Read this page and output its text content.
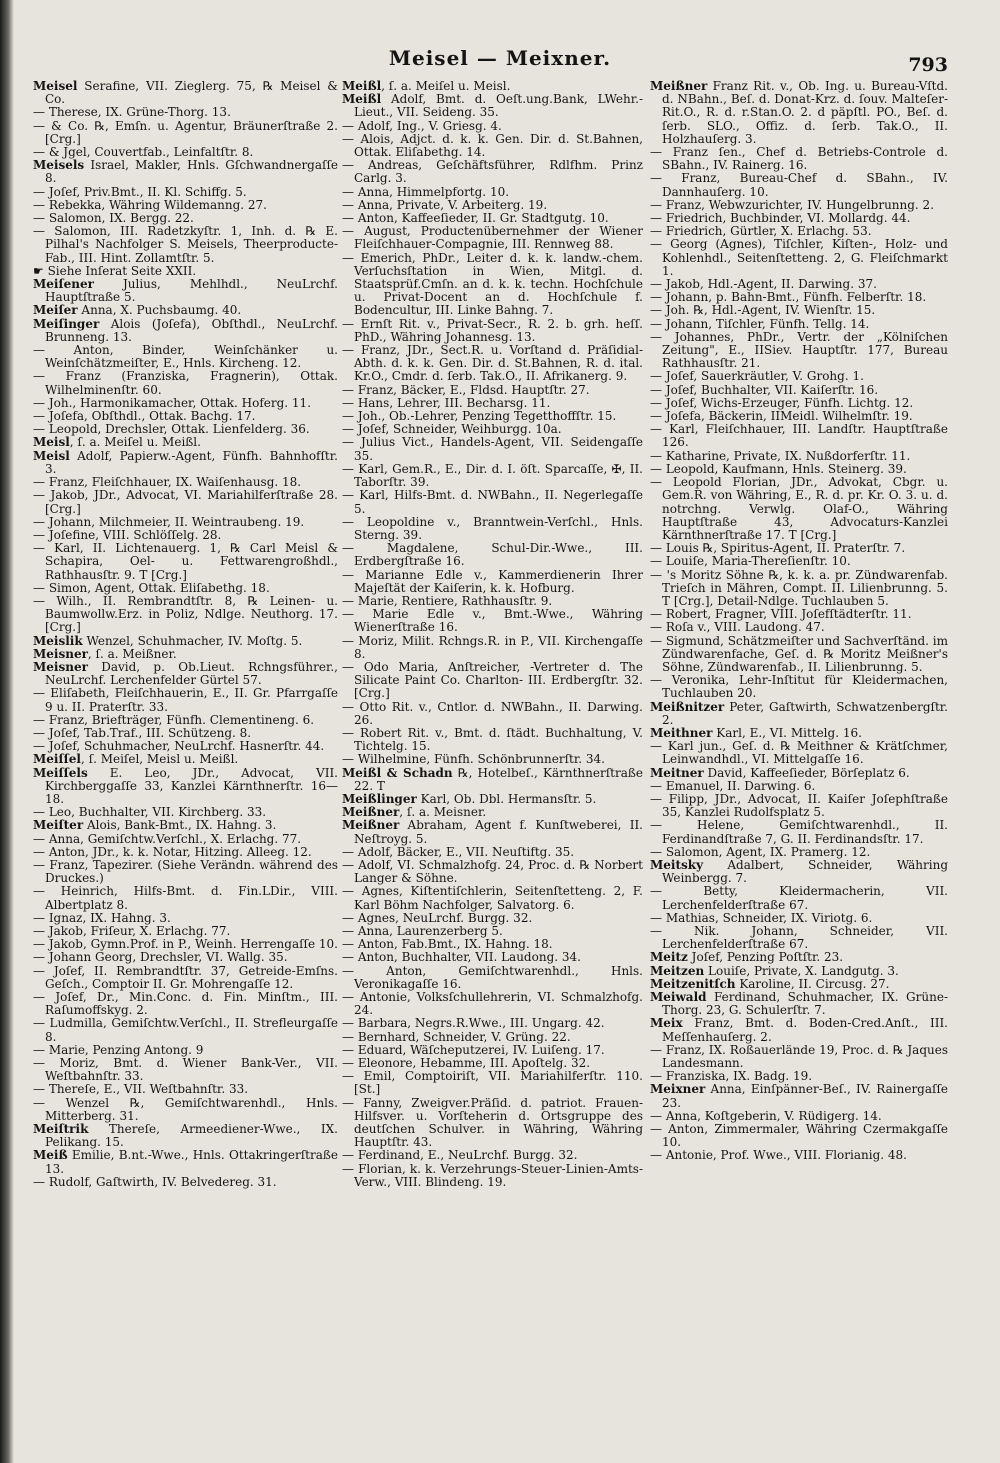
Meisel — Meixner.	793

Meisel Serafine, VII. Zieglerg. 75, ℞ Meisel & Co.

— Therese, IX. Grüne-Thorg. 13.

— & Co. ℞, Emſn. u. Agentur, Bräunerſtraße 2. [Crg.]

— & Jgel, Couvertfab., Leinfaltſtr. 8.

Meisels Israel, Makler, Hnls. Gſchwandnergaſſe 8.

— Joſef, Priv.Bmt., II. Kl. Schiffg. 5.

— Rebekka, Währing Wildemanng. 27.

— Salomon, IX. Bergg. 22.

— Salomon, III. Radetzkyſtr. 1, Inh. d. ℞ E. Pilhal's Nachfolger S. Meisels, Theerproducte-Fab., III. Hint. Zollamtſtr. 5.

☛ Siehe Inſerat Seite XXII.

Meiſener Julius, Mehlhdl., NeuLrchf. Hauptſtraße 5.

Meiſer Anna, X. Puchsbaumg. 40.

Meiſinger Alois (Joſefa), Obſthdl., NeuLrchf. Brunneng. 13.

— Anton, Binder, Weinſchänker u. Weinſchätzmeiſter, E., Hnls. Kircheng. 12.

— Franz (Franziska, Fragnerin), Ottak. Wilhelminenſtr. 60.

— Joh., Harmonikamacher, Ottak. Hoferg. 11.

— Joſefa, Obſthdl., Ottak. Bachg. 17.

— Leopold, Drechsler, Ottak. Lienfelderg. 36.

Meisl, ſ. a. Meiſel u. Meißl.

Meisl Adolf, Papierw.-Agent, Fünfh. Bahnhofſtr. 3.

— Franz, Fleiſchhauer, IX. Waiſenhausg. 18.

— Jakob, JDr., Advocat, VI. Mariahilferſtraße 28. [Crg.]

— Johann, Milchmeier, II. Weintraubeng. 19.

— Joſefine, VIII. Schlöſſelg. 28.

— Karl, II. Lichtenauerg. 1, ℞ Carl Meisl & Schapira, Oel- u. Fettwarengroßhdl., Rathhausſtr. 9. T [Crg.]

— Simon, Agent, Ottak. Eliſabethg. 18.

— Wilh., II. Rembrandtſtr. 8, ℞ Leinen- u. Baumwollw.Erz. in Poliz, Ndlge. Neuthorg. 17. [Crg.]

Meislik Wenzel, Schuhmacher, IV. Moſtg. 5.

Meisner, ſ. a. Meißner.

Meisner David, p. Ob.Lieut. Rchngsführer., NeuLrchf. Lerchenfelder Gürtel 57.

— Eliſabeth, Fleiſchhauerin, E., II. Gr. Pfarrgaſſe 9 u. II. Praterſtr. 33.

— Franz, Briefträger, Fünfh. Clementineng. 6.

— Joſef, Tab.Traf., III. Schützeng. 8.

— Joſef, Schuhmacher, NeuLrchf. Hasnerſtr. 44.

Meiſſel, ſ. Meiſel, Meisl u. Meißl.

Meiſſels E. Leo, JDr., Advocat, VII. Kirchberggaſſe 33, Kanzlei Kärnthnerſtr. 16—18.

— Leo, Buchhalter, VII. Kirchberg. 33.

Meiſter Alois, Bank-Bmt., IX. Hahng. 3.

— Anna, Gemiſchtw.Verſchl., X. Erlachg. 77.

— Anton, JDr., k. k. Notar, Hitzing. Alleeg. 12.

— Franz, Tapezirer. (Siehe Verändn. während des Druckes.)

— Heinrich, Hilfs-Bmt. d. Fin.LDir., VIII. Albertplatz 8.

— Ignaz, IX. Hahng. 3.

— Jakob, Friſeur, X. Erlachg. 77.

— Jakob, Gymn.Prof. in P., Weinh. Herrengaſſe 10.

— Johann Georg, Drechsler, VI. Wallg. 35.

— Joſef, II. Rembrandtſtr. 37, Getreide-Emſns. Geſch., Comptoir II. Gr. Mohrengaſſe 12.

— Joſef, Dr., Min.Conc. d. Fin. Minſtm., III. Raſumoffskyg. 2.

— Ludmilla, Gemiſchtw.Verſchl., II. Strefleurgaſſe 8.

— Marie, Penzing Antong. 9

— Moriz, Bmt. d. Wiener Bank-Ver., VII. Weſtbahnſtr. 33.

— Thereſe, E., VII. Weſtbahnſtr. 33.

— Wenzel ℞, Gemiſchtwarenhdl., Hnls. Mitterberg. 31.

Meiſtrik Thereſe, Armeediener-Wwe., IX. Pelikang. 15.

Meiß Emilie, B.nt.-Wwe., Hnls. Ottakringerſtraße 13.

— Rudolf, Gaſtwirth, IV. Belvedereg. 31.

Meißl, ſ. a. Meiſel u. Meisl.

Meißl Adolf, Bmt. d. Oeſt.ung.Bank, LWehr.-Lieut., VII. Seideng. 35.

— Adolf, Ing., V. Griesg. 4.

— Alois, Adjct. d. k. k. Gen. Dir. d. St.Bahnen, Ottak. Eliſabethg. 14.

— Andreas, Geſchäftsführer, Rdlfhm. Prinz Carlg. 3.

— Anna, Himmelpfortg. 10.

— Anna, Private, V. Arbeiterg. 19.

— Anton, Kaffeeſieder, II. Gr. Stadtgutg. 10.

— August, Productenübernehmer der Wiener Fleiſchhauer-Compagnie, III. Rennweg 88.

— Emerich, PhDr., Leiter d. k. k. landw.-chem. Verſuchsſtation in Wien, Mitgl. d. Staatsprüf.Cmſn. an d. k. k. techn. Hochſchule u. Privat-Docent an d. Hochſchule f. Bodencultur, III. Linke Bahng. 7.

— Ernſt Rit. v., Privat-Secr., R. 2. b. grh. heſſ. PhD., Währing Johannesg. 13.

— Franz, JDr., Sect.R. u. Vorſtand d. Präſidial-Abth. d. k. k. Gen. Dir. d. St.Bahnen, R. d. ital. Kr.O., Cmdr. d. ſerb. Tak.O., II. Afrikanerg. 9.

— Franz, Bäcker, E., Fldsd. Hauptſtr. 27.

— Hans, Lehrer, III. Becharsg. 11.

— Joh., Ob.-Lehrer, Penzing Tegetthoffſtr. 15.

— Joſef, Schneider, Weihburgg. 10a.

— Julius Vict., Handels-Agent, VII. Seidengaſſe 35.

— Karl, Gem.R., E., Dir. d. I. öſt. Sparcaſſe, ✠, II. Taborſtr. 39.

— Karl, Hilfs-Bmt. d. NWBahn., II. Negerlegaſſe 5.

— Leopoldine v., Branntwein-Verſchl., Hnls. Sterng. 39.

— Magdalene, Schul-Dir.-Wwe., III. Erdbergſtraße 16.

— Marianne Edle v., Kammerdienerin Ihrer Majeſtät der Kaiſerin, k. k. Hofburg.

— Marie, Rentiere, Rathhausſtr. 9.

— Marie Edle v., Bmt.-Wwe., Währing Wienerſtraße 16.

— Moriz, Milit. Rchngs.R. in P., VII. Kirchengaſſe 8.

— Odo Maria, Anſtreicher, -Vertreter d. The Silicate Paint Co. Charlton- III. Erdbergſtr. 32. [Crg.]

— Otto Rit. v., Cntlor. d. NWBahn., II. Darwing. 26.

— Robert Rit. v., Bmt. d. ſtädt. Buchhaltung, V. Tichtelg. 15.

— Wilhelmine, Fünfh. Schönbrunnerſtr. 34.

Meißl & Schadn ℞, Hotelbeſ., Kärnthnerſtraße 22. T

Meißlinger Karl, Ob. Dbl. Hermansſtr. 5.

Meißner, ſ. a. Meisner.

Meißner Abraham, Agent f. Kunſtweberei, II. Neſtroyg. 5.

— Adolf, Bäcker, E., VII. Neuſtiftg. 35.

— Adolf, VI. Schmalzhofg. 24, Proc. d. ℞ Norbert Langer & Söhne.

— Agnes, Kiſtentiſchlerin, Seitenſtetteng. 2, F. Karl Böhm Nachfolger, Salvatorg. 6.

— Agnes, NeuLrchf. Burgg. 32.

— Anna, Laurenzerberg 5.

— Anton, Fab.Bmt., IX. Hahng. 18.

— Anton, Buchhalter, VII. Laudong. 34.

— Anton, Gemiſchtwarenhdl., Hnls. Veronikagaſſe 16.

— Antonie, Volksſchullehrerin, VI. Schmalzhofg. 24.

— Barbara, Negrs.R.Wwe., III. Ungarg. 42.

— Bernhard, Schneider, V. Grüng. 22.

— Eduard, Wäſcheputzerei, IV. Luiſeng. 17.

— Eleonore, Hebamme, III. Apoſtelg. 32.

— Emil, Comptoiriſt, VII. Mariahilferſtr. 110. [St.]

— Fanny, Zweigver.Präſid. d. patriot. Frauen-Hilfsver. u. Vorſteherin d. Ortsgruppe des deutſchen Schulver. in Währing, Währing Hauptſtr. 43.

— Ferdinand, E., NeuLrchf. Burgg. 32.

— Florian, k. k. Verzehrungs-Steuer-Linien-Amts-Verw., VIII. Blindeng. 19.

Meißner Franz Rit. v., Ob. Ing. u. Bureau-Vſtd. d. NBahn., Beſ. d. Donat-Krz. d. ſouv. Malteſer-Rit.O., R. d. r.Stan.O. 2. d päpſtl. PO., Beſ. d. ſerb. SLO., Offiz. d. ſerb. Tak.O., II. Holzhauſerg. 3.

— Franz ſen., Chef d. Betriebs-Controle d. SBahn., IV. Rainerg. 16.

— Franz, Bureau-Chef d. SBahn., IV. Dannhauſerg. 10.

— Franz, Webwzurichter, IV. Hungelbrunng. 2.

— Friedrich, Buchbinder, VI. Mollardg. 44.

— Friedrich, Gürtler, X. Erlachg. 53.

— Georg (Agnes), Tiſchler, Kiſten-, Holz- und Kohlenhdl., Seitenſtetteng. 2, G. Fleiſchmarkt 1.

— Jakob, Hdl.-Agent, II. Darwing. 37.

— Johann, p. Bahn-Bmt., Fünfh. Felberſtr. 18.

— Joh. ℞, Hdl.-Agent, IV. Wienſtr. 15.

— Johann, Tiſchler, Fünfh. Tellg. 14.

— Johannes, PhDr., Vertr. der „Kölniſchen Zeitung", E., IISiev. Hauptſtr. 177, Bureau Rathhausſtr. 21.

— Joſef, Sauerkräutler, V. Grohg. 1.

— Joſef, Buchhalter, VII. Kaiſerſtr. 16.

— Joſef, Wichs-Erzeuger, Fünfh. Lichtg. 12.

— Joſefa, Bäckerin, IIMeidl. Wilhelmſtr. 19.

— Karl, Fleiſchhauer, III. Landſtr. Hauptſtraße 126.

— Katharine, Private, IX. Nußdorferſtr. 11.

— Leopold, Kaufmann, Hnls. Steinerg. 39.

— Leopold Florian, JDr., Advokat, Cbgr. u. Gem.R. von Währing, E., R. d. pr. Kr. O. 3. u. d. notrchng. Verwlg. Olaf-O., Währing Hauptſtraße 43, Advocaturs-Kanzlei Kärnthnerſtraße 17. T [Crg.]

— Louis ℞, Spiritus-Agent, II. Praterſtr. 7.

— Louiſe, Maria-Thereſienſtr. 10.

— 's Moritz Söhne ℞, k. k. a. pr. Zündwarenfab. Trieſch in Mähren, Compt. II. Lilienbrunng. 5. T [Crg.], Detail-Ndlge. Tuchlauben 5.

— Robert, Fragner, VIII. Joſefſtädterſtr. 11.

— Roſa v., VIII. Laudong. 47.

— Sigmund, Schätzmeiſter und Sachverſtänd. im Zündwarenfache, Geſ. d. ℞ Moritz Meißner's Söhne, Zündwarenfab., II. Lilienbrunng. 5.

— Veronika, Lehr-Inſtitut für Kleidermachen, Tuchlauben 20.

Meißnitzer Peter, Gaſtwirth, Schwatzenbergſtr. 2.

Meithner Karl, E., VI. Mittelg. 16.

— Karl jun., Geſ. d. ℞ Meithner & Krätſchmer, Leinwandhdl., VI. Mittelgaſſe 16.

Meitner David, Kaffeeſieder, Börſeplatz 6.

— Emanuel, II. Darwing. 6.

— Filipp, JDr., Advocat, II. Kaiſer Joſephſtraße 35, Kanzlei Rudolfsplatz 5.

— Helene, Gemiſchtwarenhdl., II. Ferdinandſtraße 7, G. II. Ferdinandsſtr. 17.

— Salomon, Agent, IX. Pramerg. 12.

Meitsky Adalbert, Schneider, Währing Weinbergg. 7.

— Betty, Kleidermacherin, VII. Lerchenfelderſtraße 67.

— Mathias, Schneider, IX. Viriotg. 6.

— Nik. Johann, Schneider, VII. Lerchenfelderſtraße 67.

Meitz Joſef, Penzing Poſtſtr. 23.

Meitzen Louiſe, Private, X. Landgutg. 3.

Meitzenitſch Karoline, II. Circusg. 27.

Meiwald Ferdinand, Schuhmacher, IX. Grüne-Thorg. 23, G. Schulerſtr. 7.

Meix Franz, Bmt. d. Boden-Cred.Anſt., III. Meſſenhauſerg. 2.

— Franz, IX. Roßauerlände 19, Proc. d. ℞ Jaques Landesmann.

— Franziska, IX. Badg. 19.

Meixner Anna, Einſpänner-Beſ., IV. Rainergaſſe 23.

— Anna, Koſtgeberin, V. Rüdigerg. 14.

— Anton, Zimmermaler, Währing Czermakgaſſe 10.

— Antonie, Prof. Wwe., VIII. Florianig. 48.
